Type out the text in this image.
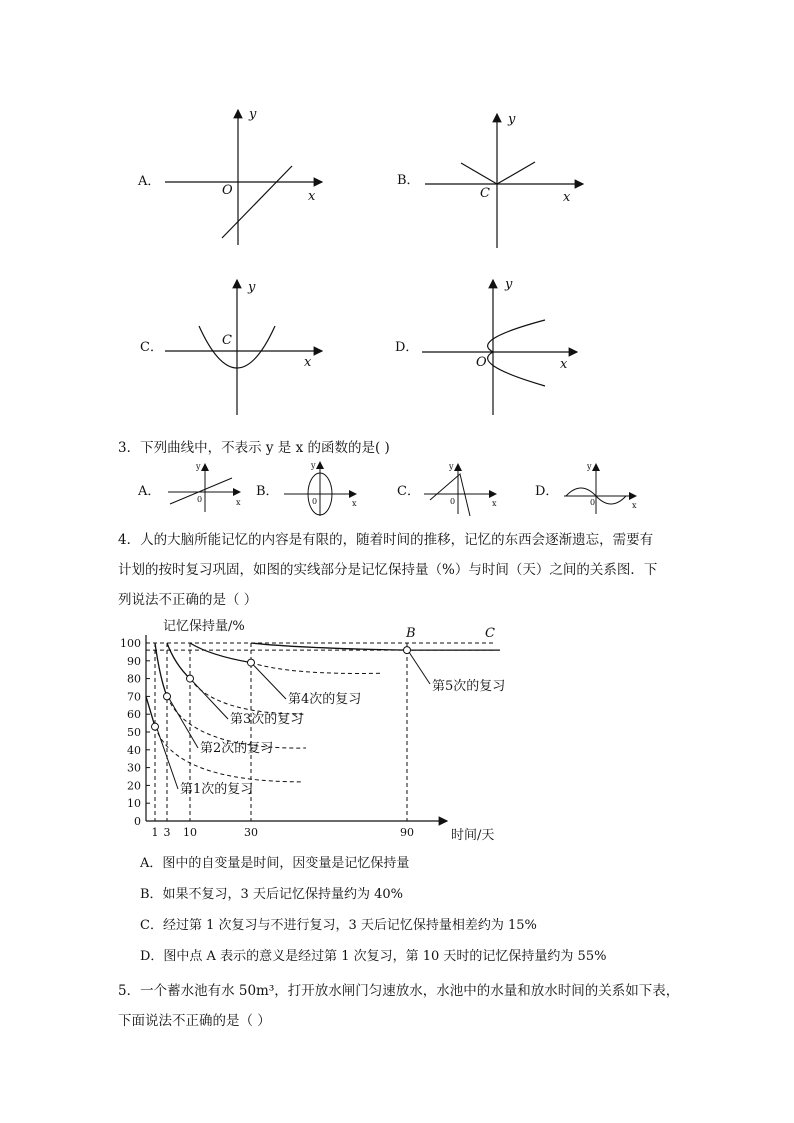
A．
O	x
y
B．
C	x
y
C．	C
x
y
D．
O	x
y
A．
y
x
0
B．
y
x
0
C．
y
x
0
D．
y
x
0
记忆保持量/%
时间/天
B	C
100
90
80
70
60
50
40
30
20
10
0
1 3 10	30	90
第1次的复习
第2次的复习
第3次的复习
第4次的复习
第5次的复习
3．下列曲线中，不表示 y 是 x 的函数的是( )
4．人的大脑所能记忆的内容是有限的，随着时间的推移，记忆的东西会逐渐遗忘，需要有
计划的按时复习巩固，如图的实线部分是记忆保持量（%）与时间（天）之间的关系图．下
列说法不正确的是（ ）
A．图中的自变量是时间，因变量是记忆保持量
B．如果不复习，3 天后记忆保持量约为 40%
C．经过第 1 次复习与不进行复习，3 天后记忆保持量相差约为 15%
D．图中点 A 表示的意义是经过第 1 次复习，第 10 天时的记忆保持量约为 55%
5．一个蓄水池有水 50m³，打开放水闸门匀速放水，水池中的水量和放水时间的关系如下表，
下面说法不正确的是（ ）
